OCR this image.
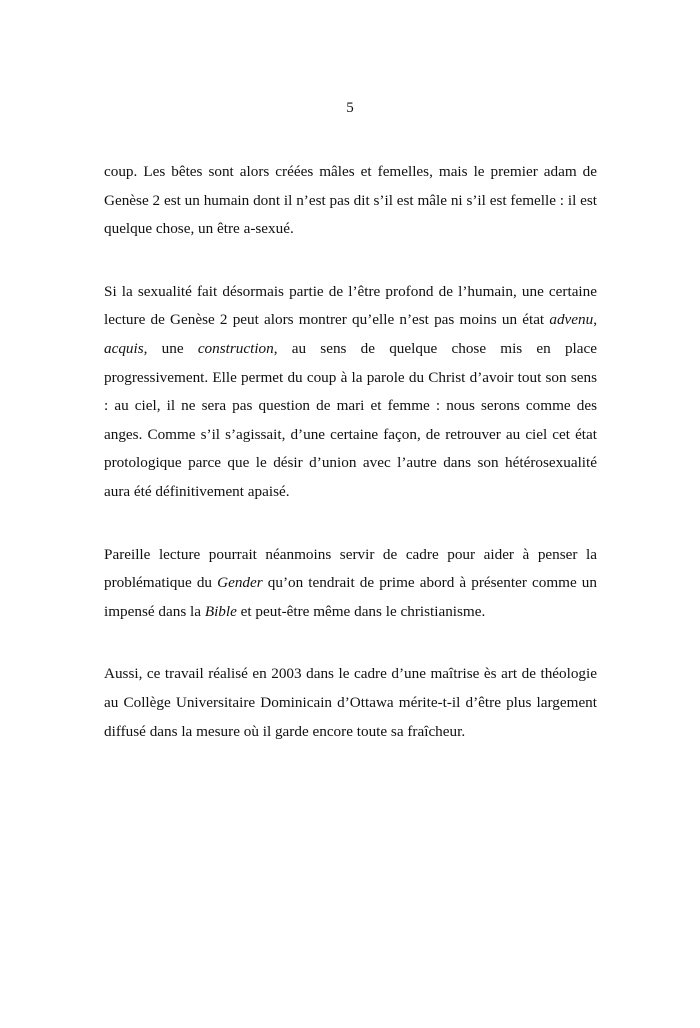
5

coup. Les bêtes sont alors créées mâles et femelles, mais le premier adam de Genèse 2 est un humain dont il n’est pas dit s’il est mâle ni s’il est femelle : il est quelque chose, un être a-sexué.

Si la sexualité fait désormais partie de l’être profond de l’humain, une certaine lecture de Genèse 2 peut alors montrer qu’elle n’est pas moins un état advenu, acquis, une construction, au sens de quelque chose mis en place progressivement. Elle permet du coup à la parole du Christ d’avoir tout son sens : au ciel, il ne sera pas question de mari et femme : nous serons comme des anges. Comme s’il s’agissait, d’une certaine façon, de retrouver au ciel cet état protologique parce que le désir d’union avec l’autre dans son hétérosexualité aura été définitivement apaisé.

Pareille lecture pourrait néanmoins servir de cadre pour aider à penser la problématique du Gender qu’on tendrait de prime abord à présenter comme un impensé dans la Bible et peut-être même dans le christianisme.

Aussi, ce travail réalisé en 2003 dans le cadre d’une maîtrise ès art de théologie au Collège Universitaire Dominicain d’Ottawa mérite-t-il d’être plus largement diffusé dans la mesure où il garde encore toute sa fraîcheur.
